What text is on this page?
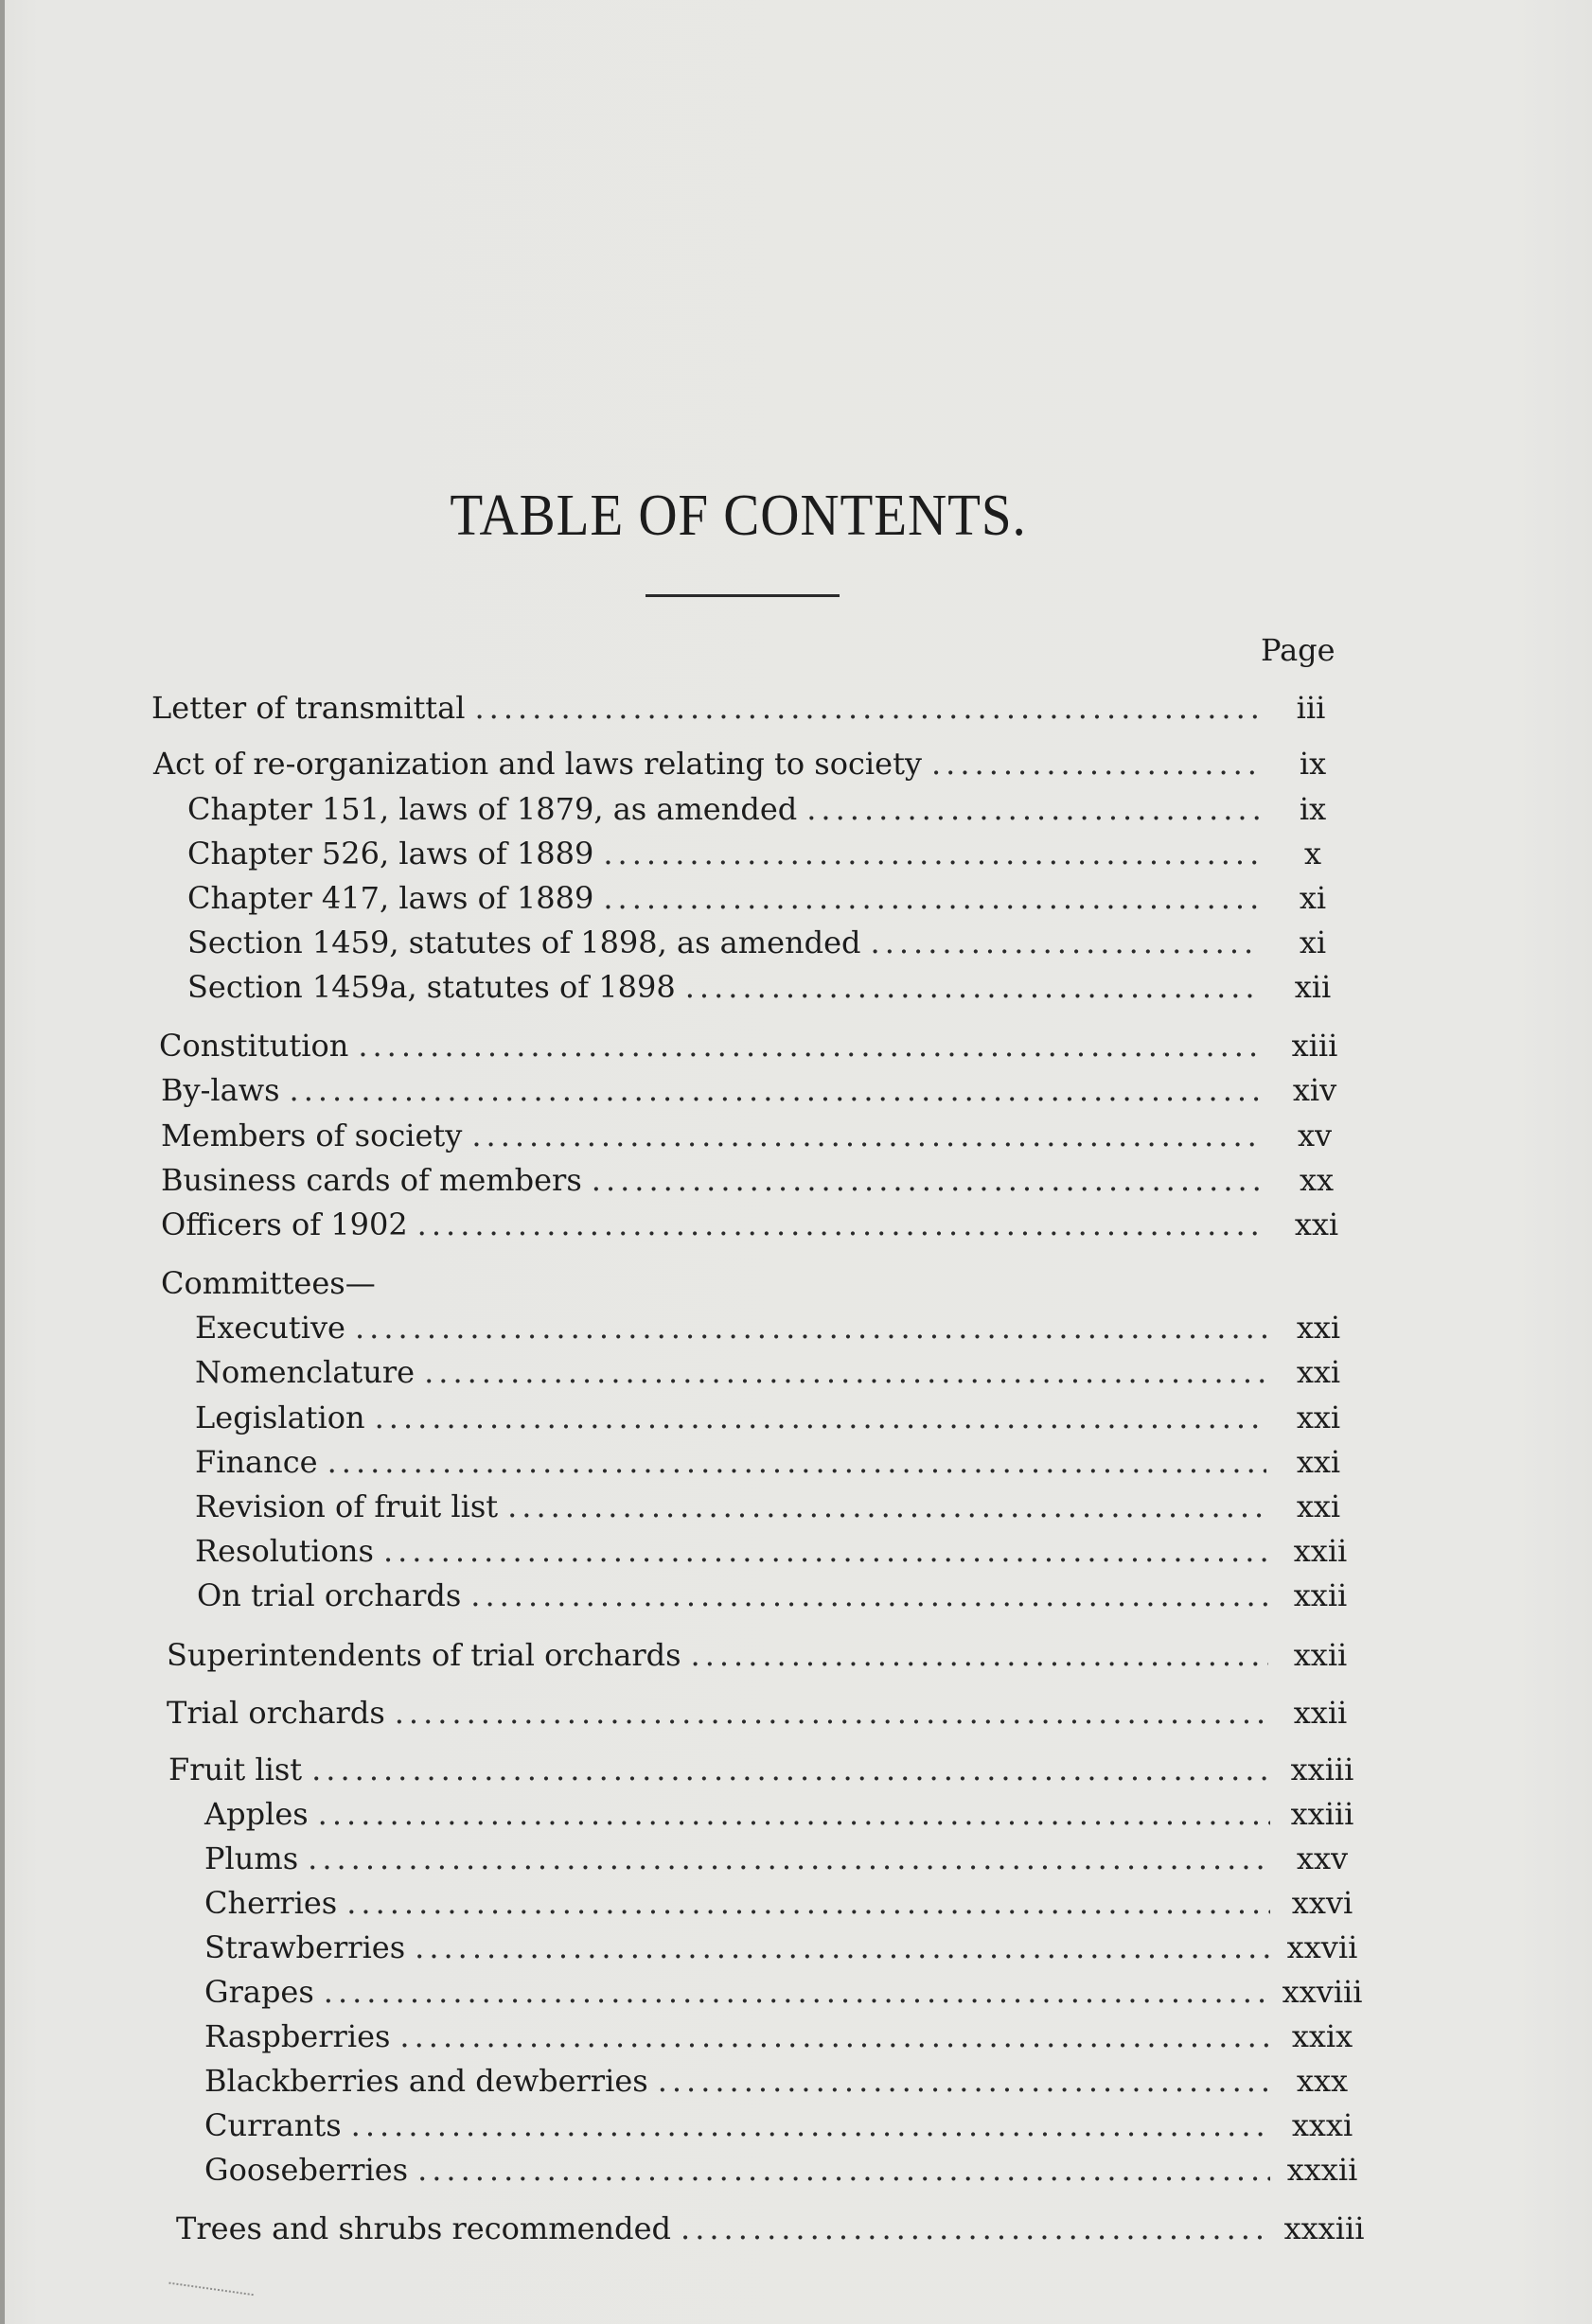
TABLE OF CONTENTS.
Page
Letter of transmittal .....	iii
Act of re-organization and laws relating to society .....	ix
Chapter 151, laws of 1879, as amended .....	ix
Chapter 526, laws of 1889 .....	x
Chapter 417, laws of 1889 .....	xi
Section 1459, statutes of 1898, as amended .....	xi
Section 1459a, statutes of 1898 .....	xii
Constitution .....	xiii
By-laws .....	xiv
Members of society .....	xv
Business cards of members .....	xx
Officers of 1902 .....	xxi
Committees—
Executive .....	xxi
Nomenclature .....	xxi
Legislation .....	xxi
Finance .....	xxi
Revision of fruit list .....	xxi
Resolutions .....	xxii
On trial orchards .....	xxii
Superintendents of trial orchards .....	xxii
Trial orchards .....	xxii
Fruit list .....	xxiii
Apples .....	xxiii
Plums .....	xxv
Cherries .....	xxvi
Strawberries .....	xxvii
Grapes .....	xxviii
Raspberries .....	xxix
Blackberries and dewberries .....	xxx
Currants .....	xxxi
Gooseberries .....	xxxii
Trees and shrubs recommended .....	xxxiii
